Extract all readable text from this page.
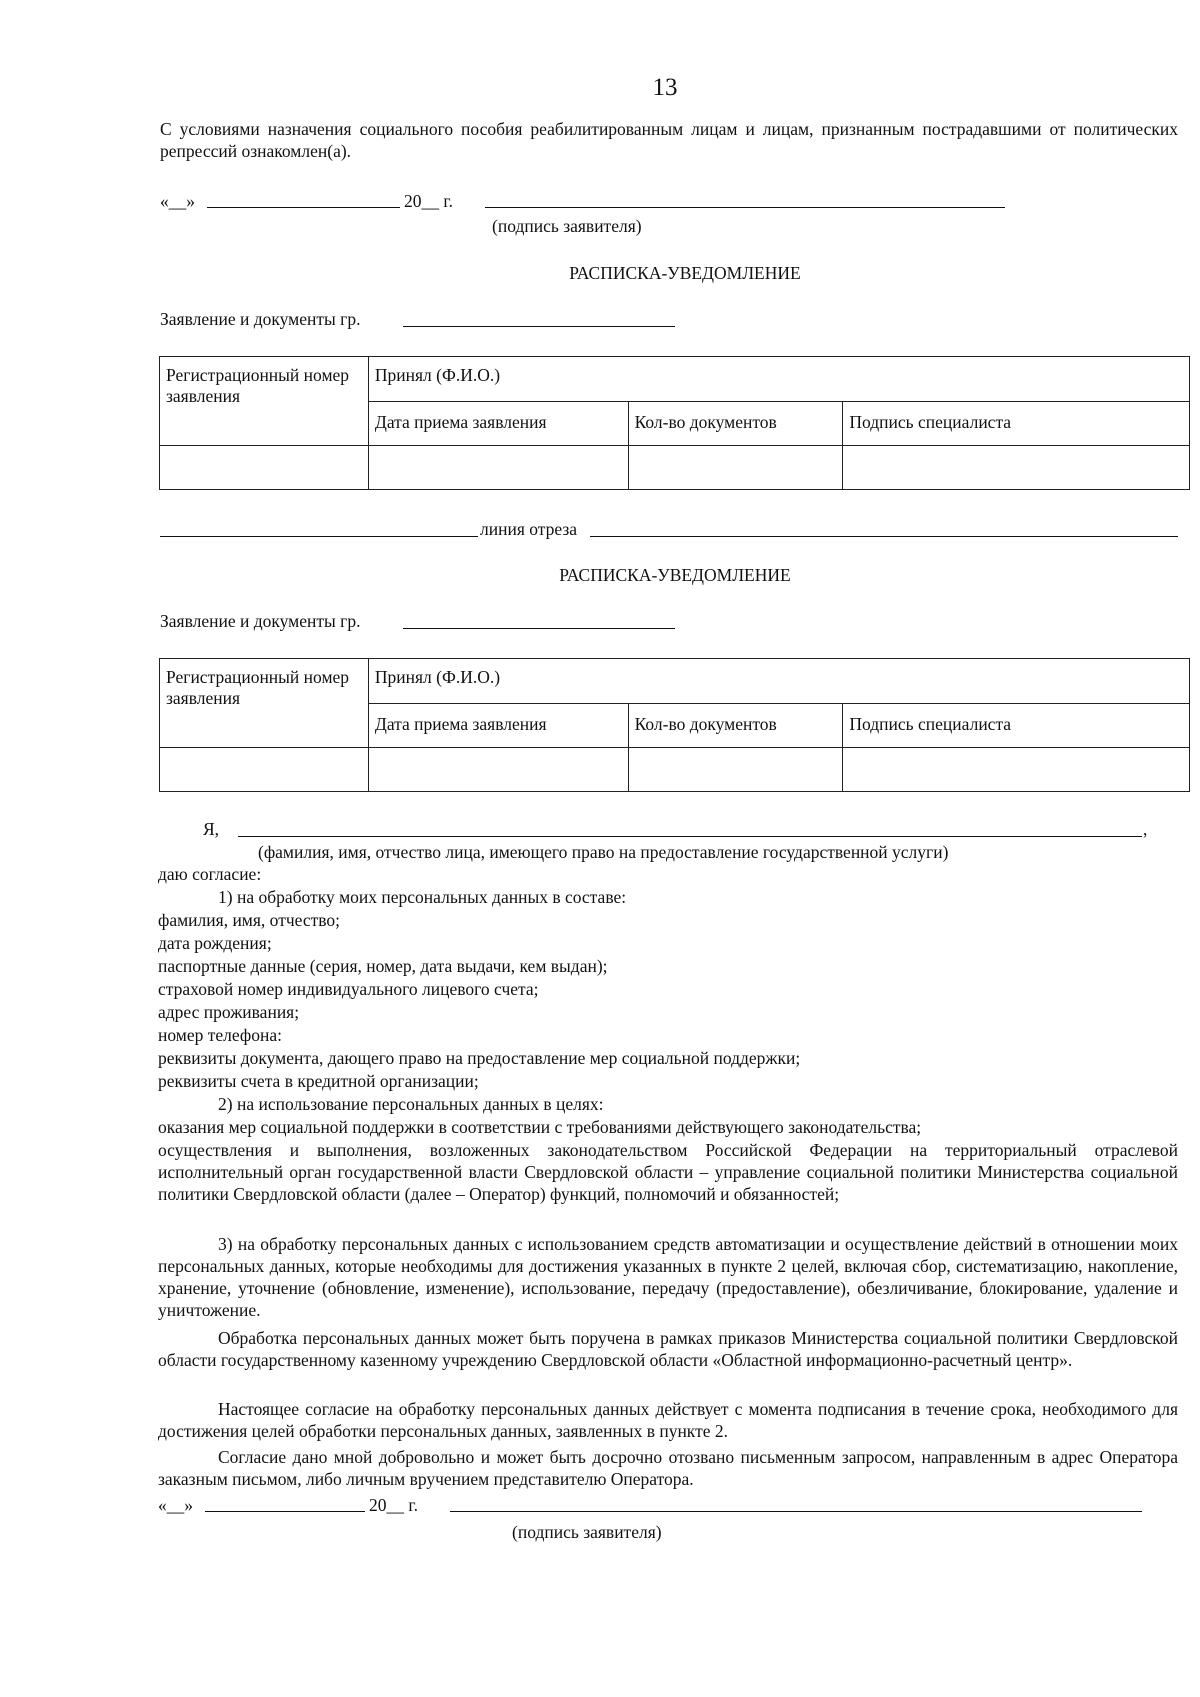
13
С условиями назначения социального пособия реабилитированным лицам и лицам, признанным пострадавшими от политических репрессий ознакомлен(а).
«__»	20__ г.
(подпись заявителя)
РАСПИСКА-УВЕДОМЛЕНИЕ
Заявление и документы гр.
Регистрационный номер заявления	Принял (Ф.И.О.)		
	Дата приема заявления	Кол-во документов	Подпись специалиста

линия отреза
РАСПИСКА-УВЕДОМЛЕНИЕ
Заявление и документы гр.
Регистрационный номер заявления	Принял (Ф.И.О.)		
	Дата приема заявления	Кол-во документов	Подпись специалиста

Я,	,
(фамилия, имя, отчество лица, имеющего право на предоставление государственной услуги)
даю согласие:
1) на обработку моих персональных данных в составе:
фамилия, имя, отчество;
дата рождения;
паспортные данные (серия, номер, дата выдачи, кем выдан);
страховой номер индивидуального лицевого счета;
адрес проживания;
номер телефона:
реквизиты документа, дающего право на предоставление мер социальной поддержки;
реквизиты счета в кредитной организации;
2) на использование персональных данных в целях:
оказания мер социальной поддержки в соответствии с требованиями действующего законодательства;
осуществления и выполнения, возложенных законодательством Российской Федерации на территориальный отраслевой исполнительный орган государственной власти Свердловской области – управление социальной политики Министерства социальной политики Свердловской области (далее – Оператор) функций, полномочий и обязанностей;
3) на обработку персональных данных с использованием средств автоматизации и осуществление действий в отношении моих персональных данных, которые необходимы для достижения указанных в пункте 2 целей, включая сбор, систематизацию, накопление, хранение, уточнение (обновление, изменение), использование, передачу (предоставление), обезличивание, блокирование, удаление и уничтожение.
Обработка персональных данных может быть поручена в рамках приказов Министерства социальной политики Свердловской области государственному казенному учреждению Свердловской области «Областной информационно-расчетный центр».
Настоящее согласие на обработку персональных данных действует с момента подписания в течение срока, необходимого для достижения целей обработки персональных данных, заявленных в пункте 2.
Согласие дано мной добровольно и может быть досрочно отозвано письменным запросом, направленным в адрес Оператора заказным письмом, либо личным вручением представителю Оператора.
«__»	20__ г.
(подпись заявителя)
